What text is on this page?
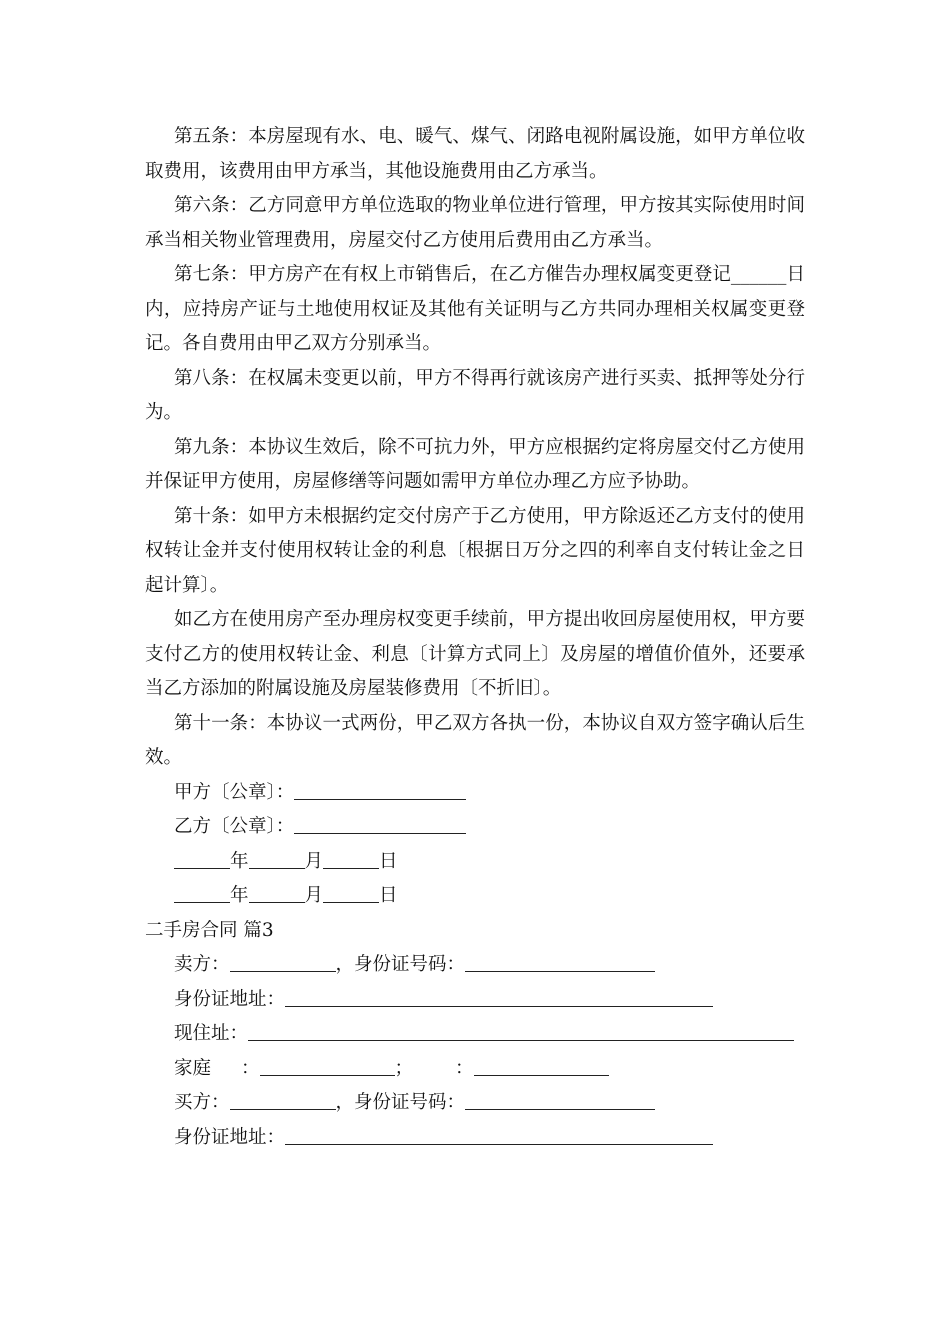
第五条：本房屋现有水、电、暖气、煤气、闭路电视附属设施，如甲方单位收取费用，该费用由甲方承当，其他设施费用由乙方承当。

第六条：乙方同意甲方单位选取的物业单位进行管理，甲方按其实际使用时间承当相关物业管理费用，房屋交付乙方使用后费用由乙方承当。

第七条：甲方房产在有权上市销售后，在乙方催告办理权属变更登记______日内，应持房产证与土地使用权证及其他有关证明与乙方共同办理相关权属变更登记。各自费用由甲乙双方分别承当。

第八条：在权属未变更以前，甲方不得再行就该房产进行买卖、抵押等处分行为。

第九条：本协议生效后，除不可抗力外，甲方应根据约定将房屋交付乙方使用并保证甲方使用，房屋修缮等问题如需甲方单位办理乙方应予协助。

第十条：如甲方未根据约定交付房产于乙方使用，甲方除返还乙方支付的使用权转让金并支付使用权转让金的利息〔根据日万分之四的利率自支付转让金之日起计算〕。

如乙方在使用房产至办理房权变更手续前，甲方提出收回房屋使用权，甲方要支付乙方的使用权转让金、利息〔计算方式同上〕及房屋的增值价值外，还要承当乙方添加的附属设施及房屋装修费用〔不折旧〕。

第十一条：本协议一式两份，甲乙双方各执一份，本协议自双方签字确认后生效。

甲方〔公章〕：
乙方〔公章〕：
年	月	日
年	月	日
二手房合同 篇3
卖方：	，身份证号码：
身份证地址：
现住址：
家庭 ：	； ：
买方：	，身份证号码：
身份证地址：
